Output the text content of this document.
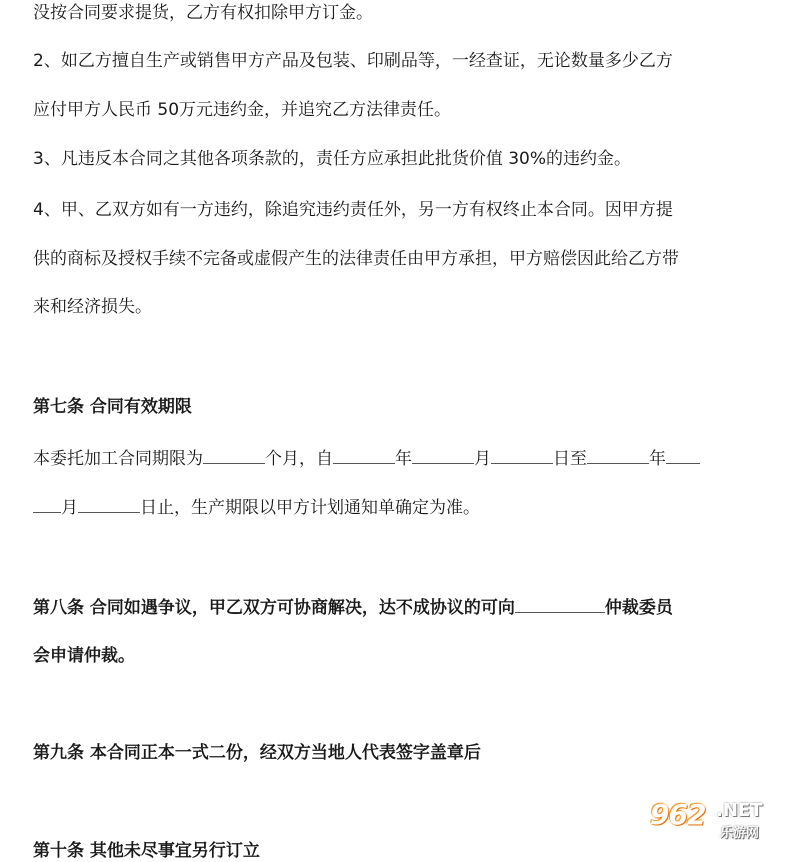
没按合同要求提货，乙方有权扣除甲方订金。
2、如乙方擅自生产或销售甲方产品及包装、印刷品等，一经查证，无论数量多少乙方
应付甲方人民币 50万元违约金，并追究乙方法律责任。
3、凡违反本合同之其他各项条款的，责任方应承担此批货价值 30%的违约金。
4、甲、乙双方如有一方违约，除追究违约责任外，另一方有权终止本合同。因甲方提
供的商标及授权手续不完备或虚假产生的法律责任由甲方承担，甲方赔偿因此给乙方带
来和经济损失。
第七条 合同有效期限
本委托加工合同期限为	个月，自	年	月	日至	年
月	日止，生产期限以甲方计划通知单确定为准。
第八条 合同如遇争议，甲乙双方可协商解决，达不成协议的可向	仲裁委员
会申请仲裁。
第九条 本合同正本一式二份，经双方当地人代表签字盖章后
第十条 其他未尽事宜另行订立
962 .NET
乐游网
